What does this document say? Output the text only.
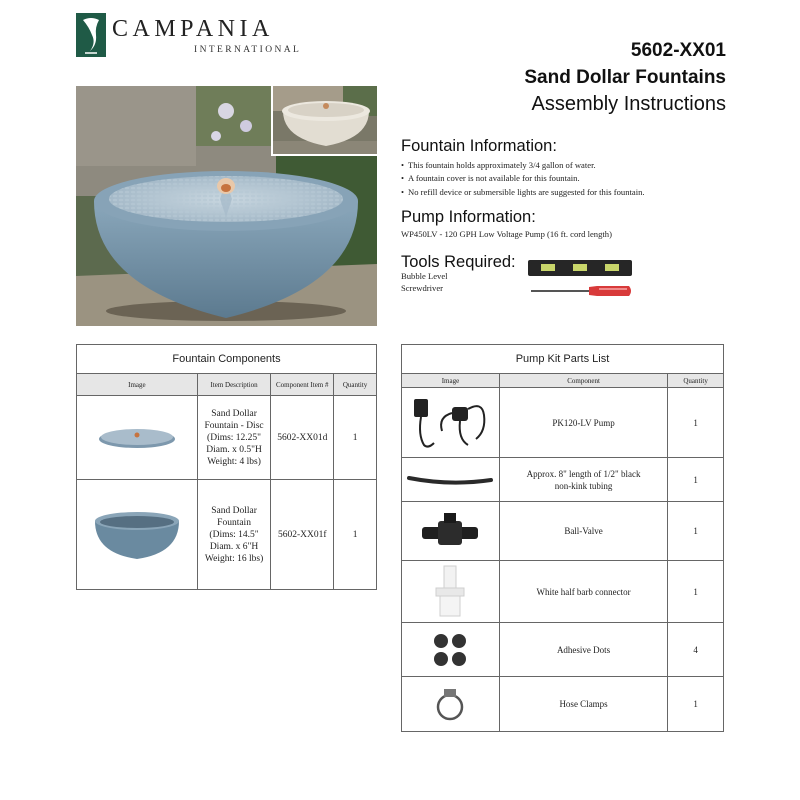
CAMPANIA
INTERNATIONAL	5602-XX01
Sand Dollar Fountains
Assembly Instructions
Fountain Information:
• This fountain holds approximately 3/4 gallon of water.
• A fountain cover is not available for this fountain.
• No refill device or submersible lights are suggested for this fountain.
Pump Information:
WP450LV - 120 GPH Low Voltage Pump (16 ft. cord length)
Tools Required:
Bubble Level
Screwdriver
Fountain Components			
Image	Item Description	Component Item #	Quantity

Sand Dollar
Fountain - Disc
(Dims: 12.25"
Diam. x 0.5"H
Weight: 4 lbs)	5602-XX01d	1

Sand Dollar
Fountain
(Dims: 14.5"
Diam. x 6"H
Weight: 16 lbs)	5602-XX01f	1
Pump Kit Parts List		
Image	Component	Quantity

	PK120-LV Pump	1

Approx. 8" length of 1/2" black
non-kink tubing	1

	Ball-Valve	1

	White half barb connector	1

	Adhesive Dots	4

	Hose Clamps	1
